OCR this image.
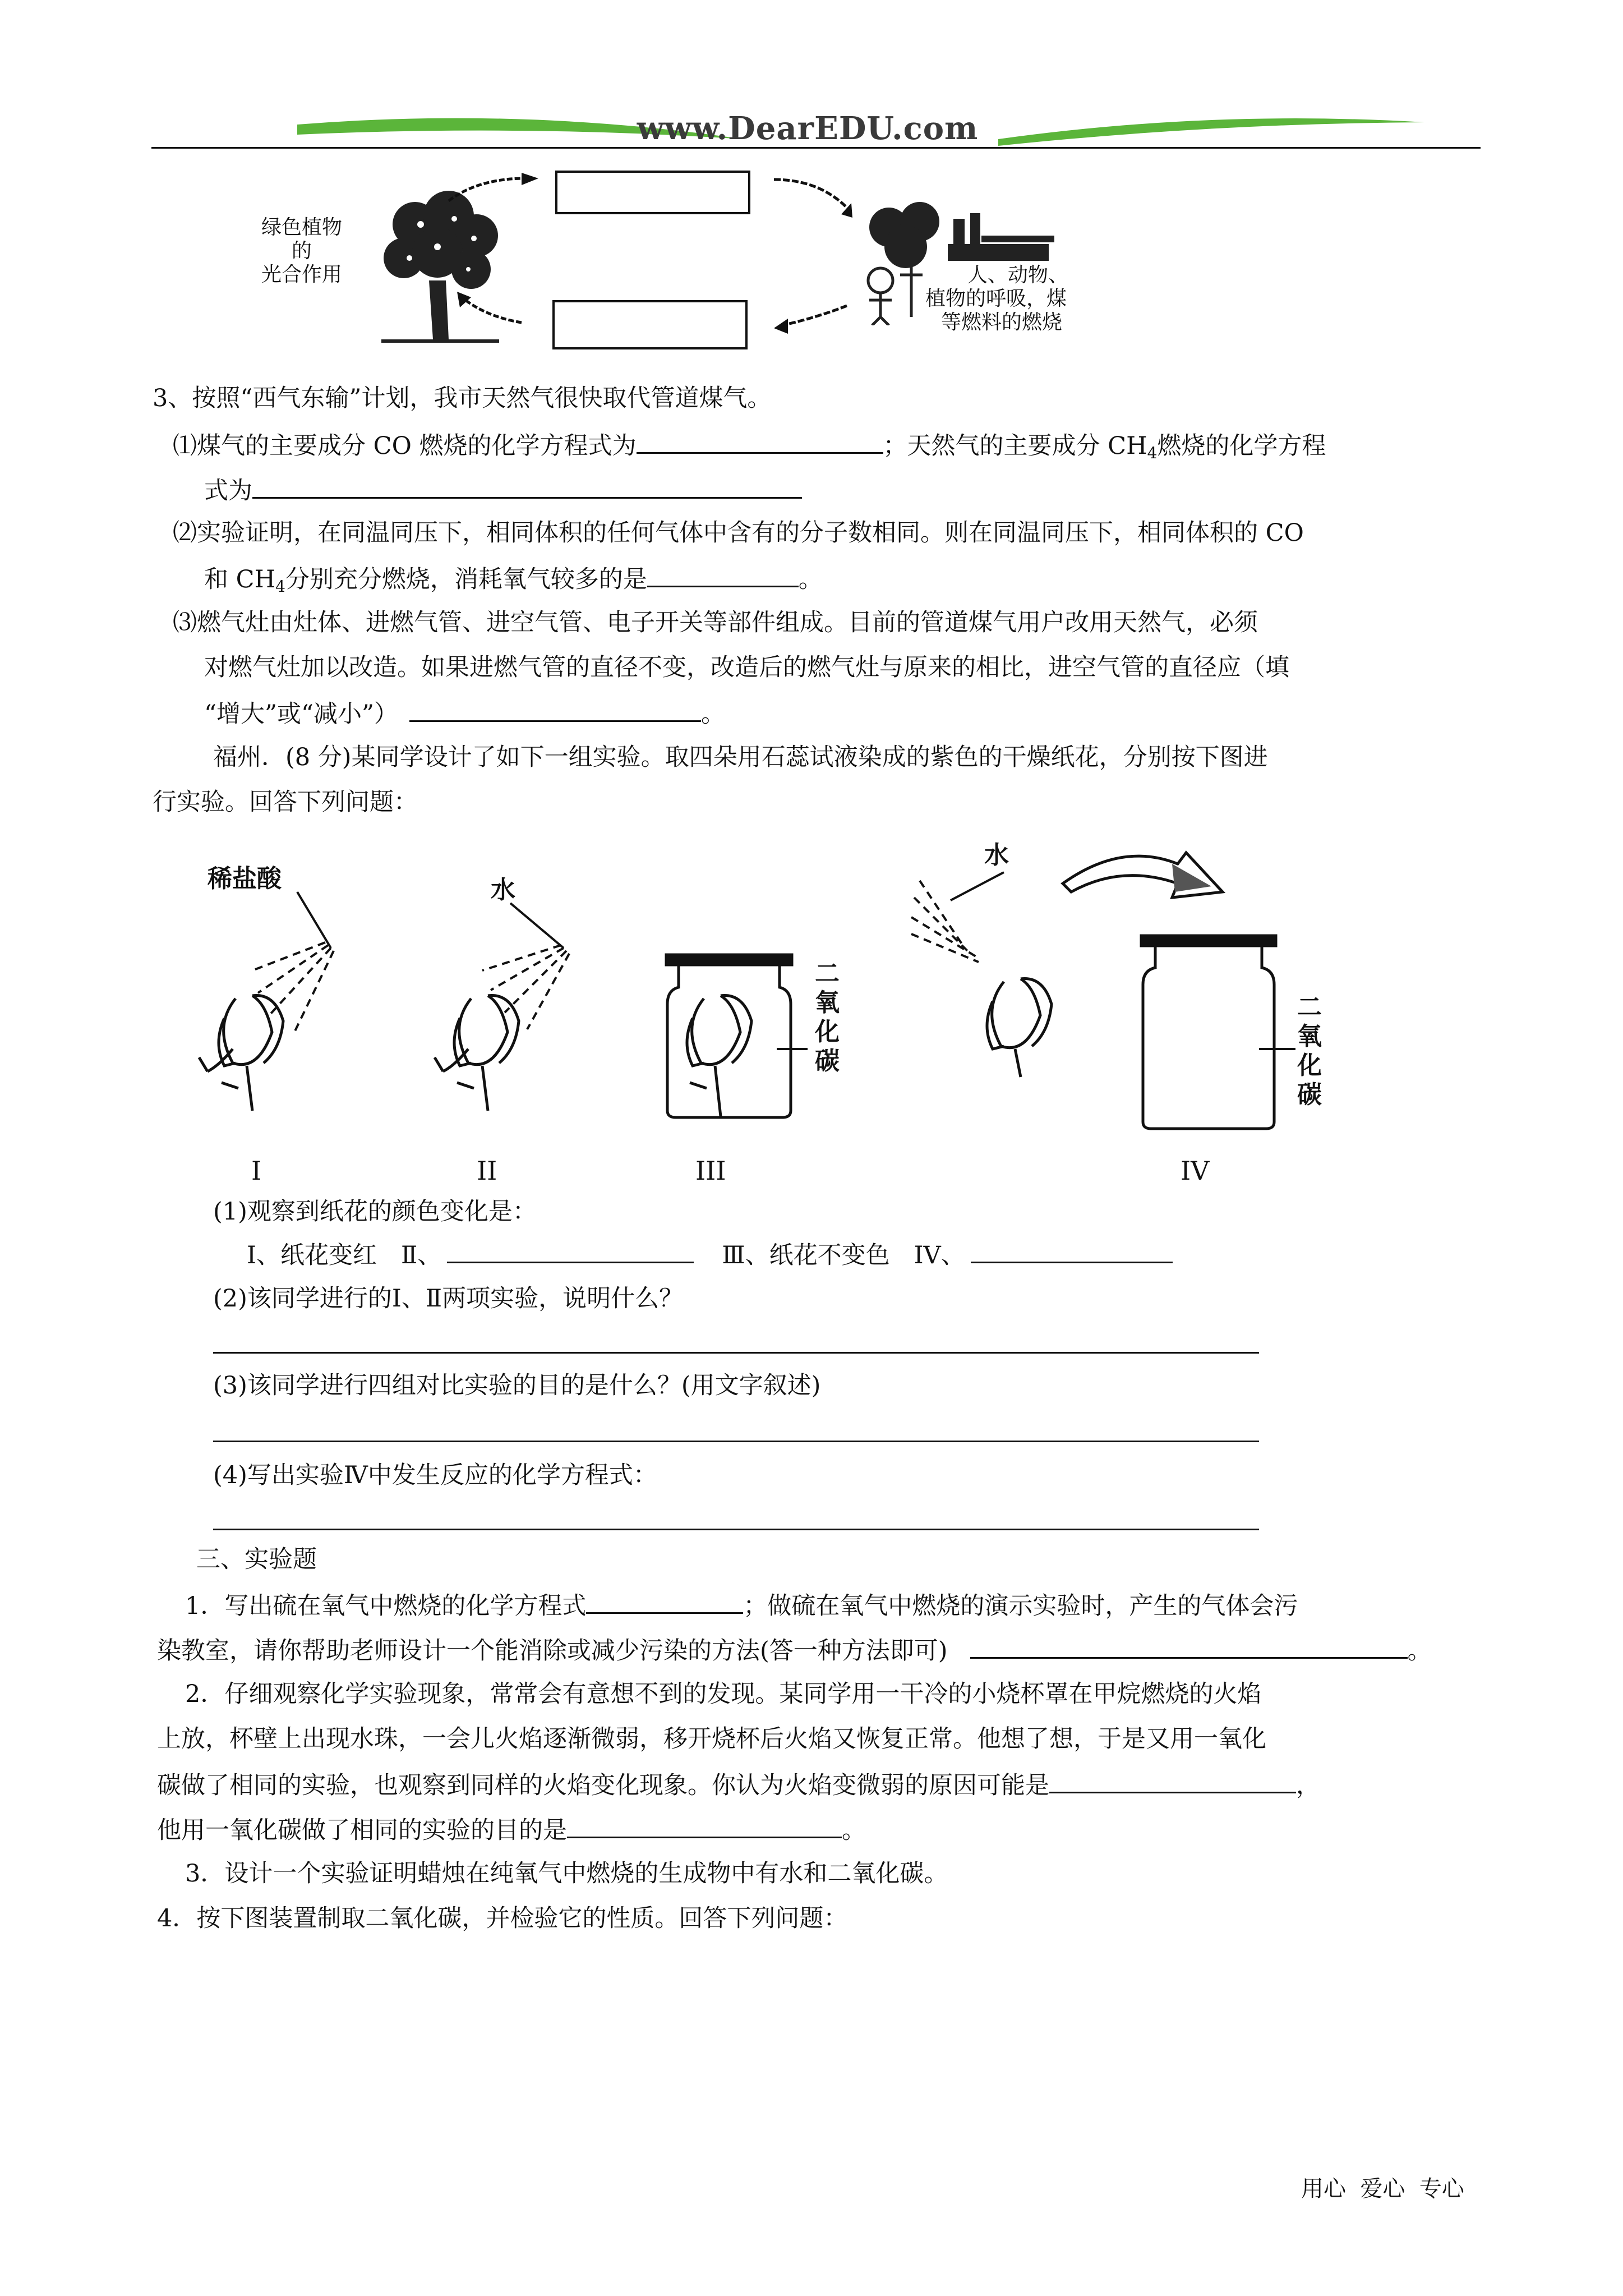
www.DearEDU.com
绿色植物
的
光合作用	人、动物、
植物的呼吸，煤
等燃料的燃烧
3、按照“西气东输”计划，我市天然气很快取代管道煤气。
⑴煤气的主要成分 CO 燃烧的化学方程式为	；天然气的主要成分 $CH_4$燃烧的化学方程
式为
⑵实验证明，在同温同压下，相同体积的任何气体中含有的分子数相同。则在同温同压下，相同体积的 CO
和 $CH_4$分别充分燃烧，消耗氧气较多的是	。
⑶燃气灶由灶体、进燃气管、进空气管、电子开关等部件组成。目前的管道煤气用户改用天然气，必须
对燃气灶加以改造。如果进燃气管的直径不变，改造后的燃气灶与原来的相比，进空气管的直径应（填
“增大”或“减小”）	。
福州．(8 分)某同学设计了如下一组实验。取四朵用石蕊试液染成的紫色的干燥纸花，分别按下图进
行实验。回答下列问题：
稀盐酸	水
水
二
氧
化
碳
二
氧
化
碳
I	II	III	IV
(1)观察到纸花的颜色变化是：
Ⅰ、纸花变红　Ⅱ、	Ⅲ、纸花不变色　IV、
(2)该同学进行的Ⅰ、Ⅱ两项实验，说明什么？
(3)该同学进行四组对比实验的目的是什么？(用文字叙述)
(4)写出实验Ⅳ中发生反应的化学方程式：
三、实验题
1．写出硫在氧气中燃烧的化学方程式	；做硫在氧气中燃烧的演示实验时，产生的气体会污
染教室，请你帮助老师设计一个能消除或减少污染的方法(答一种方法即可)	。
2．仔细观察化学实验现象，常常会有意想不到的发现。某同学用一干冷的小烧杯罩在甲烷燃烧的火焰
上放，杯壁上出现水珠，一会儿火焰逐渐微弱，移开烧杯后火焰又恢复正常。他想了想，于是又用一氧化
碳做了相同的实验，也观察到同样的火焰变化现象。你认为火焰变微弱的原因可能是	，
他用一氧化碳做了相同的实验的目的是	。
3．设计一个实验证明蜡烛在纯氧气中燃烧的生成物中有水和二氧化碳。
4．按下图装置制取二氧化碳，并检验它的性质。回答下列问题：
用心  爱心  专心
